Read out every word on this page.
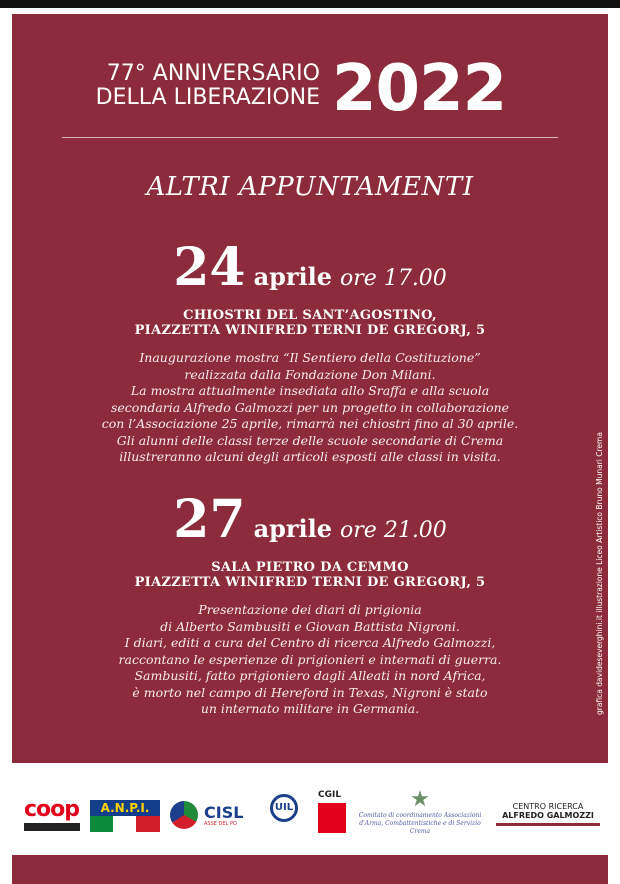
77° ANNIVERSARIO
DELLA LIBERAZIONE 2022
ALTRI APPUNTAMENTI
24 aprile ore 17.00
CHIOSTRI DEL SANT’AGOSTINO,
PIAZZETTA WINIFRED TERNI DE GREGORJ, 5
Inaugurazione mostra “Il Sentiero della Costituzione”
realizzata dalla Fondazione Don Milani.
La mostra attualmente insediata allo Sraffa e alla scuola
secondaria Alfredo Galmozzi per un progetto in collaborazione
con l’Associazione 25 aprile, rimarrà nei chiostri fino al 30 aprile.
Gli alunni delle classi terze delle scuole secondarie di Crema
illustreranno alcuni degli articoli esposti alle classi in visita.
27 aprile ore 21.00
SALA PIETRO DA CEMMO
PIAZZETTA WINIFRED TERNI DE GREGORJ, 5
Presentazione dei diari di prigionia
di Alberto Sambusiti e Giovan Battista Nigroni.
I diari, editi a cura del Centro di ricerca Alfredo Galmozzi,
raccontano le esperienze di prigionieri e internati di guerra.
Sambusiti, fatto prigioniero dagli Alleati in nord Africa,
è morto nel campo di Hereford in Texas, Nigroni è stato
un internato militare in Germania.	grafica davideseverghini.it illustrazione Liceo Artistico Bruno Munari Crema
coop	A.N.P.I.	CISL
ASSE DEL PO
UIL
CGIL	★
Comitato di coordinamento Associazioni d'Arma, Combattentistiche e di Servizio Crema
CENTRO RICERCA
ALFREDO GALMOZZI
